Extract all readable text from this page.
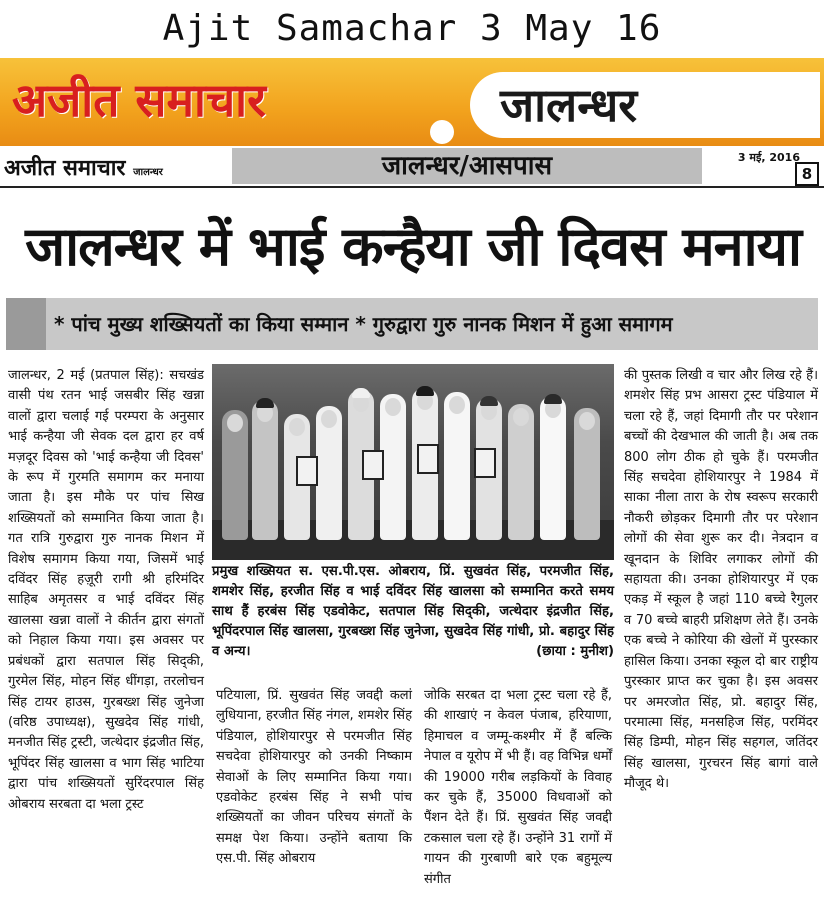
Ajit Samachar 3 May 16
अजीत समाचार	जालन्धर
अजीत समाचार जालन्धर	जालन्धर/आसपास	3 मई, 2016
8
जालन्धर में भाई कन्हैया जी दिवस मनाया
* पांच मुख्य शख्सियतों का किया सम्मान * गुरुद्वारा गुरु नानक मिशन में हुआ समागम

जालन्धर, 2 मई (प्रतपाल सिंह): सचखंड वासी पंथ रतन भाई जसबीर सिंह खन्ना वालों द्वारा चलाई गई परम्परा के अनुसार भाई कन्हैया जी सेवक दल द्वारा हर वर्ष मज़दूर दिवस को 'भाई कन्हैया जी दिवस' के रूप में गुरमति समागम कर मनाया जाता है। इस मौके पर पांच सिख शख्सियतों को सम्मानित किया जाता है। गत रात्रि गुरुद्वारा गुरु नानक मिशन में विशेष समागम किया गया, जिसमें भाई दविंदर सिंह हज़ूरी रागी श्री हरिमंदिर साहिब अमृतसर व भाई दविंदर सिंह खालसा खन्ना वालों ने कीर्तन द्वारा संगतों को निहाल किया गया। इस अवसर पर प्रबंधकों द्वारा सतपाल सिंह सिद्की, गुरमेल सिंह, मोहन सिंह धींगड़ा, तरलोचन सिंह टायर हाउस, गुरबख्श सिंह जुनेजा (वरिष्ठ उपाध्यक्ष), सुखदेव सिंह गांधी, मनजीत सिंह ट्रस्टी, जत्थेदार इंद्रजीत सिंह, भूपिंदर सिंह खालसा व भाग सिंह भाटिया द्वारा पांच शख्सियतों सुरिंदरपाल सिंह ओबराय सरबता दा भला ट्रस्ट

प्रमुख शख्सियत स. एस.पी.एस. ओबराय, प्रिं. सुखवंत सिंह, परमजीत सिंह, शमशेर सिंह, हरजीत सिंह व भाई दविंदर सिंह खालसा को सम्मानित करते समय साथ हैं हरबंस सिंह एडवोकेट, सतपाल सिंह सिद्की, जत्थेदार इंद्रजीत सिंह, भूपिंदरपाल सिंह खालसा, गुरबख्श सिंह जुनेजा, सुखदेव सिंह गांधी, प्रो. बहादुर सिंह व अन्य।	(छाया : मुनीश)

पटियाला, प्रिं. सुखवंत सिंह जवद्दी कलां लुधियाना, हरजीत सिंह नंगल, शमशेर सिंह पंडियाल, होशियारपुर से परमजीत सिंह सचदेवा होशियारपुर को उनकी निष्काम सेवाओं के लिए सम्मानित किया गया। एडवोकेट हरबंस सिंह ने सभी पांच शख्सियतों का जीवन परिचय संगतों के समक्ष पेश किया। उन्होंने बताया कि एस.पी. सिंह ओबराय

जोकि सरबत दा भला ट्रस्ट चला रहे हैं, की शाखाएं न केवल पंजाब, हरियाणा, हिमाचल व जम्मू-कश्मीर में हैं बल्कि नेपाल व यूरोप में भी हैं। वह विभिन्न धर्मों की 19000 गरीब लड़कियों के विवाह कर चुके हैं, 35000 विधवाओं को पैंशन देते हैं। प्रिं. सुखवंत सिंह जवद्दी टकसाल चला रहे हैं। उन्होंने 31 रागों में गायन की गुरबाणी बारे एक बहुमूल्य संगीत

की पुस्तक लिखी व चार और लिख रहे हैं। शमशेर सिंह प्रभ आसरा ट्रस्ट पंडियाल में चला रहे हैं, जहां दिमागी तौर पर परेशान बच्चों की देखभाल की जाती है। अब तक 800 लोग ठीक हो चुके हैं। परमजीत सिंह सचदेवा होशियारपुर ने 1984 में साका नीला तारा के रोष स्वरूप सरकारी नौकरी छोड़कर दिमागी तौर पर परेशान लोगों की सेवा शुरू कर दी। नेत्रदान व खूनदान के शिविर लगाकर लोगों की सहायता की। उनका होशियारपुर में एक एकड़ में स्कूल है जहां 110 बच्चे रैगुलर व 70 बच्चे बाहरी प्रशिक्षण लेते हैं। उनके एक बच्चे ने कोरिया की खेलों में पुरस्कार हासिल किया। उनका स्कूल दो बार राष्ट्रीय पुरस्कार प्राप्त कर चुका है। इस अवसर पर अमरजोत सिंह, प्रो. बहादुर सिंह, परमात्मा सिंह, मनसहिज सिंह, परमिंदर सिंह डिम्पी, मोहन सिंह सहगल, जतिंदर सिंह खालसा, गुरचरन सिंह बागां वाले मौजूद थे।
